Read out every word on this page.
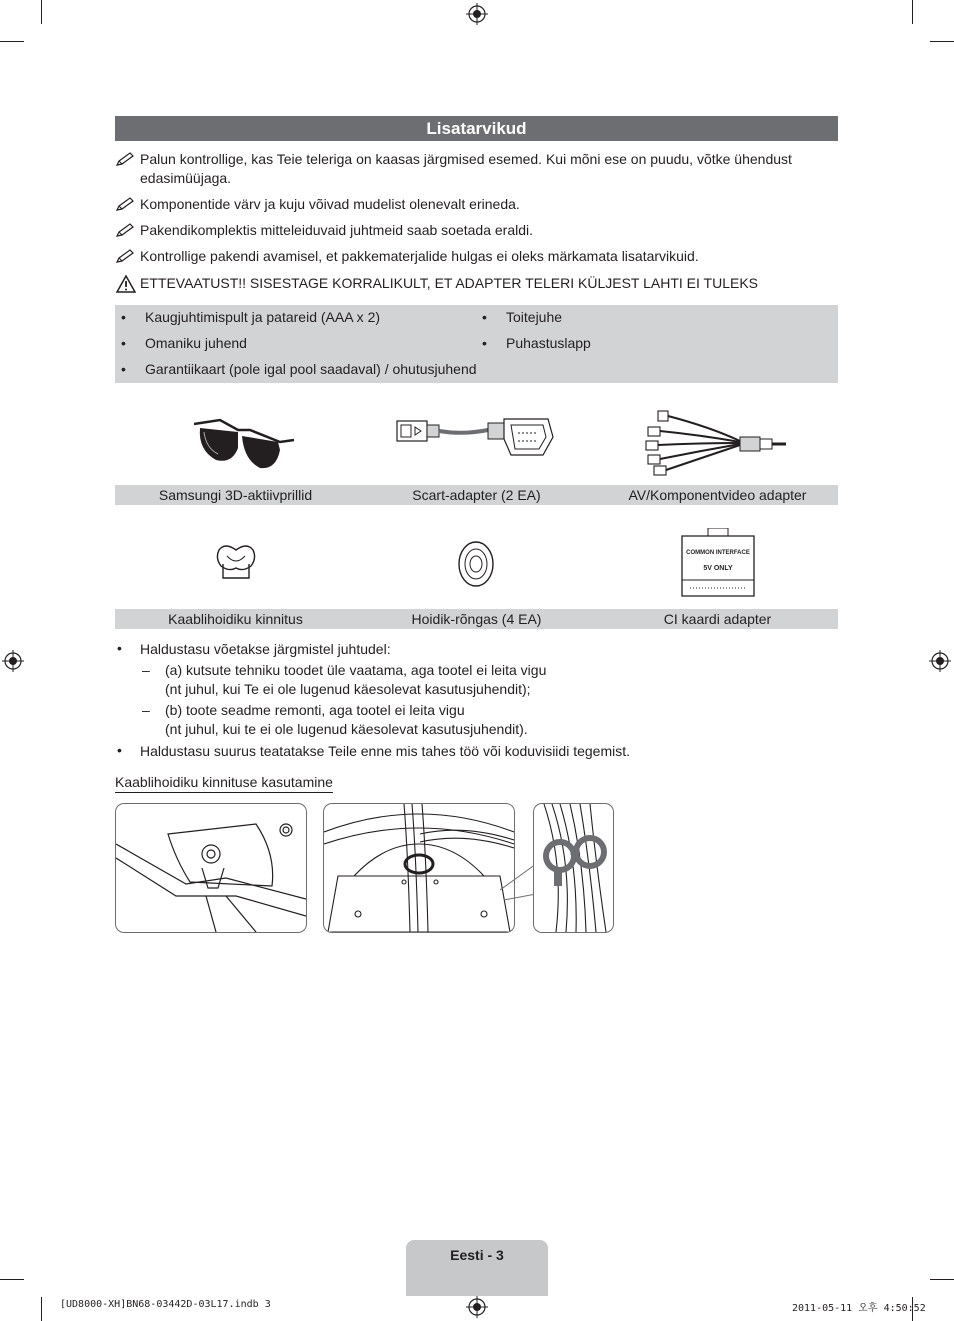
Lisatarvikud
Palun kontrollige, kas Teie teleriga on kaasas järgmised esemed. Kui mõni ese on puudu, võtke ühendust edasimüüjaga.
Komponentide värv ja kuju võivad mudelist olenevalt erineda.
Pakendikomplektis mitteleiduvaid juhtmeid saab soetada eraldi.
Kontrollige pakendi avamisel, et pakkematerjalide hulgas ei oleks märkamata lisatarvikuid.
ETTEVAATUST!! SISESTAGE KORRALIKULT, ET ADAPTER TELERI KÜLJEST LAHTI EI TULEKS
• Kaugjuhtimispult ja patareid (AAA x 2)
• Omaniku juhend
• Garantiikaart (pole igal pool saadaval) / ohutusjuhend
• Toitejuhe
• Puhastuslapp
Samsungi 3D-aktiivprillid	Scart-adapter (2 EA)	AV/Komponentvideo adapter
COMMON INTERFACE
5V ONLY
Kaablihoidiku kinnitus	Hoidik-rõngas (4 EA)	CI kaardi adapter
• Haldustasu võetakse järgmistel juhtudel:
– (a) kutsute tehniku toodet üle vaatama, aga tootel ei leita vigu
(nt juhul, kui Te ei ole lugenud käesolevat kasutusjuhendit);
– (b) toote seadme remonti, aga tootel ei leita vigu
(nt juhul, kui te ei ole lugenud käesolevat kasutusjuhendit).
• Haldustasu suurus teatatakse Teile enne mis tahes töö või koduvisiidi tegemist.
Kaablihoidiku kinnituse kasutamine
Eesti - 3
[UD8000-XH]BN68-03442D-03L17.indb 3	2011-05-11 오후 4:50:52
